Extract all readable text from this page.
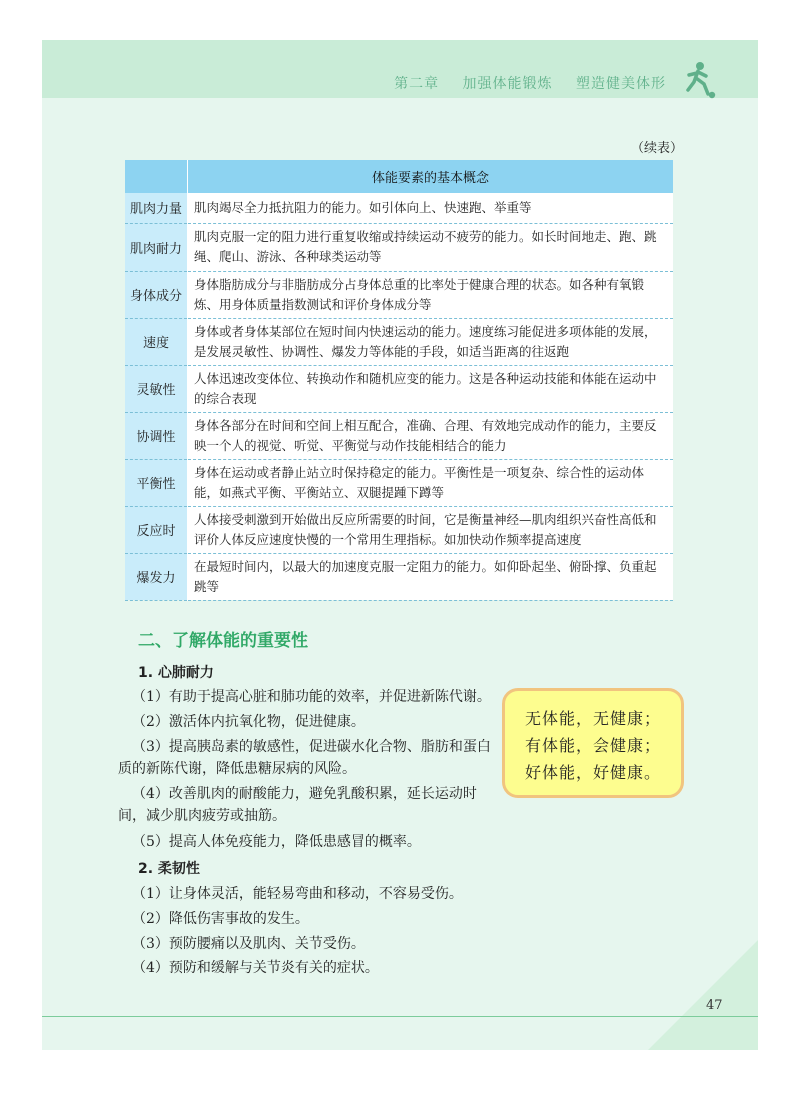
第二章 加强体能锻炼 塑造健美体形
（续表）
	体能要素的基本概念
肌肉力量	肌肉竭尽全力抵抗阻力的能力。如引体向上、快速跑、举重等
肌肉耐力	肌肉克服一定的阻力进行重复收缩或持续运动不疲劳的能力。如长时间地走、跑、跳绳、爬山、游泳、各种球类运动等
身体成分	身体脂肪成分与非脂肪成分占身体总重的比率处于健康合理的状态。如各种有氧锻炼、用身体质量指数测试和评价身体成分等
速度	身体或者身体某部位在短时间内快速运动的能力。速度练习能促进多项体能的发展，是发展灵敏性、协调性、爆发力等体能的手段，如适当距离的往返跑
灵敏性	人体迅速改变体位、转换动作和随机应变的能力。这是各种运动技能和体能在运动中的综合表现
协调性	身体各部分在时间和空间上相互配合，准确、合理、有效地完成动作的能力，主要反映一个人的视觉、听觉、平衡觉与动作技能相结合的能力
平衡性	身体在运动或者静止站立时保持稳定的能力。平衡性是一项复杂、综合性的运动体能，如燕式平衡、平衡站立、双腿提踵下蹲等
反应时	人体接受刺激到开始做出反应所需要的时间，它是衡量神经—肌肉组织兴奋性高低和评价人体反应速度快慢的一个常用生理指标。如加快动作频率提高速度
爆发力	在最短时间内，以最大的加速度克服一定阻力的能力。如仰卧起坐、俯卧撑、负重起跳等
二、了解体能的重要性
1. 心肺耐力
（1）有助于提高心脏和肺功能的效率，并促进新陈代谢。
（2）激活体内抗氧化物，促进健康。
（3）提高胰岛素的敏感性，促进碳水化合物、脂肪和蛋白质的新陈代谢，降低患糖尿病的风险。
（4）改善肌肉的耐酸能力，避免乳酸积累，延长运动时间，减少肌肉疲劳或抽筋。
（5）提高人体免疫能力，降低患感冒的概率。
2. 柔韧性
（1）让身体灵活，能轻易弯曲和移动，不容易受伤。
（2）降低伤害事故的发生。
（3）预防腰痛以及肌肉、关节受伤。
（4）预防和缓解与关节炎有关的症状。
无体能，无健康；
有体能，会健康；
好体能，好健康。
47
